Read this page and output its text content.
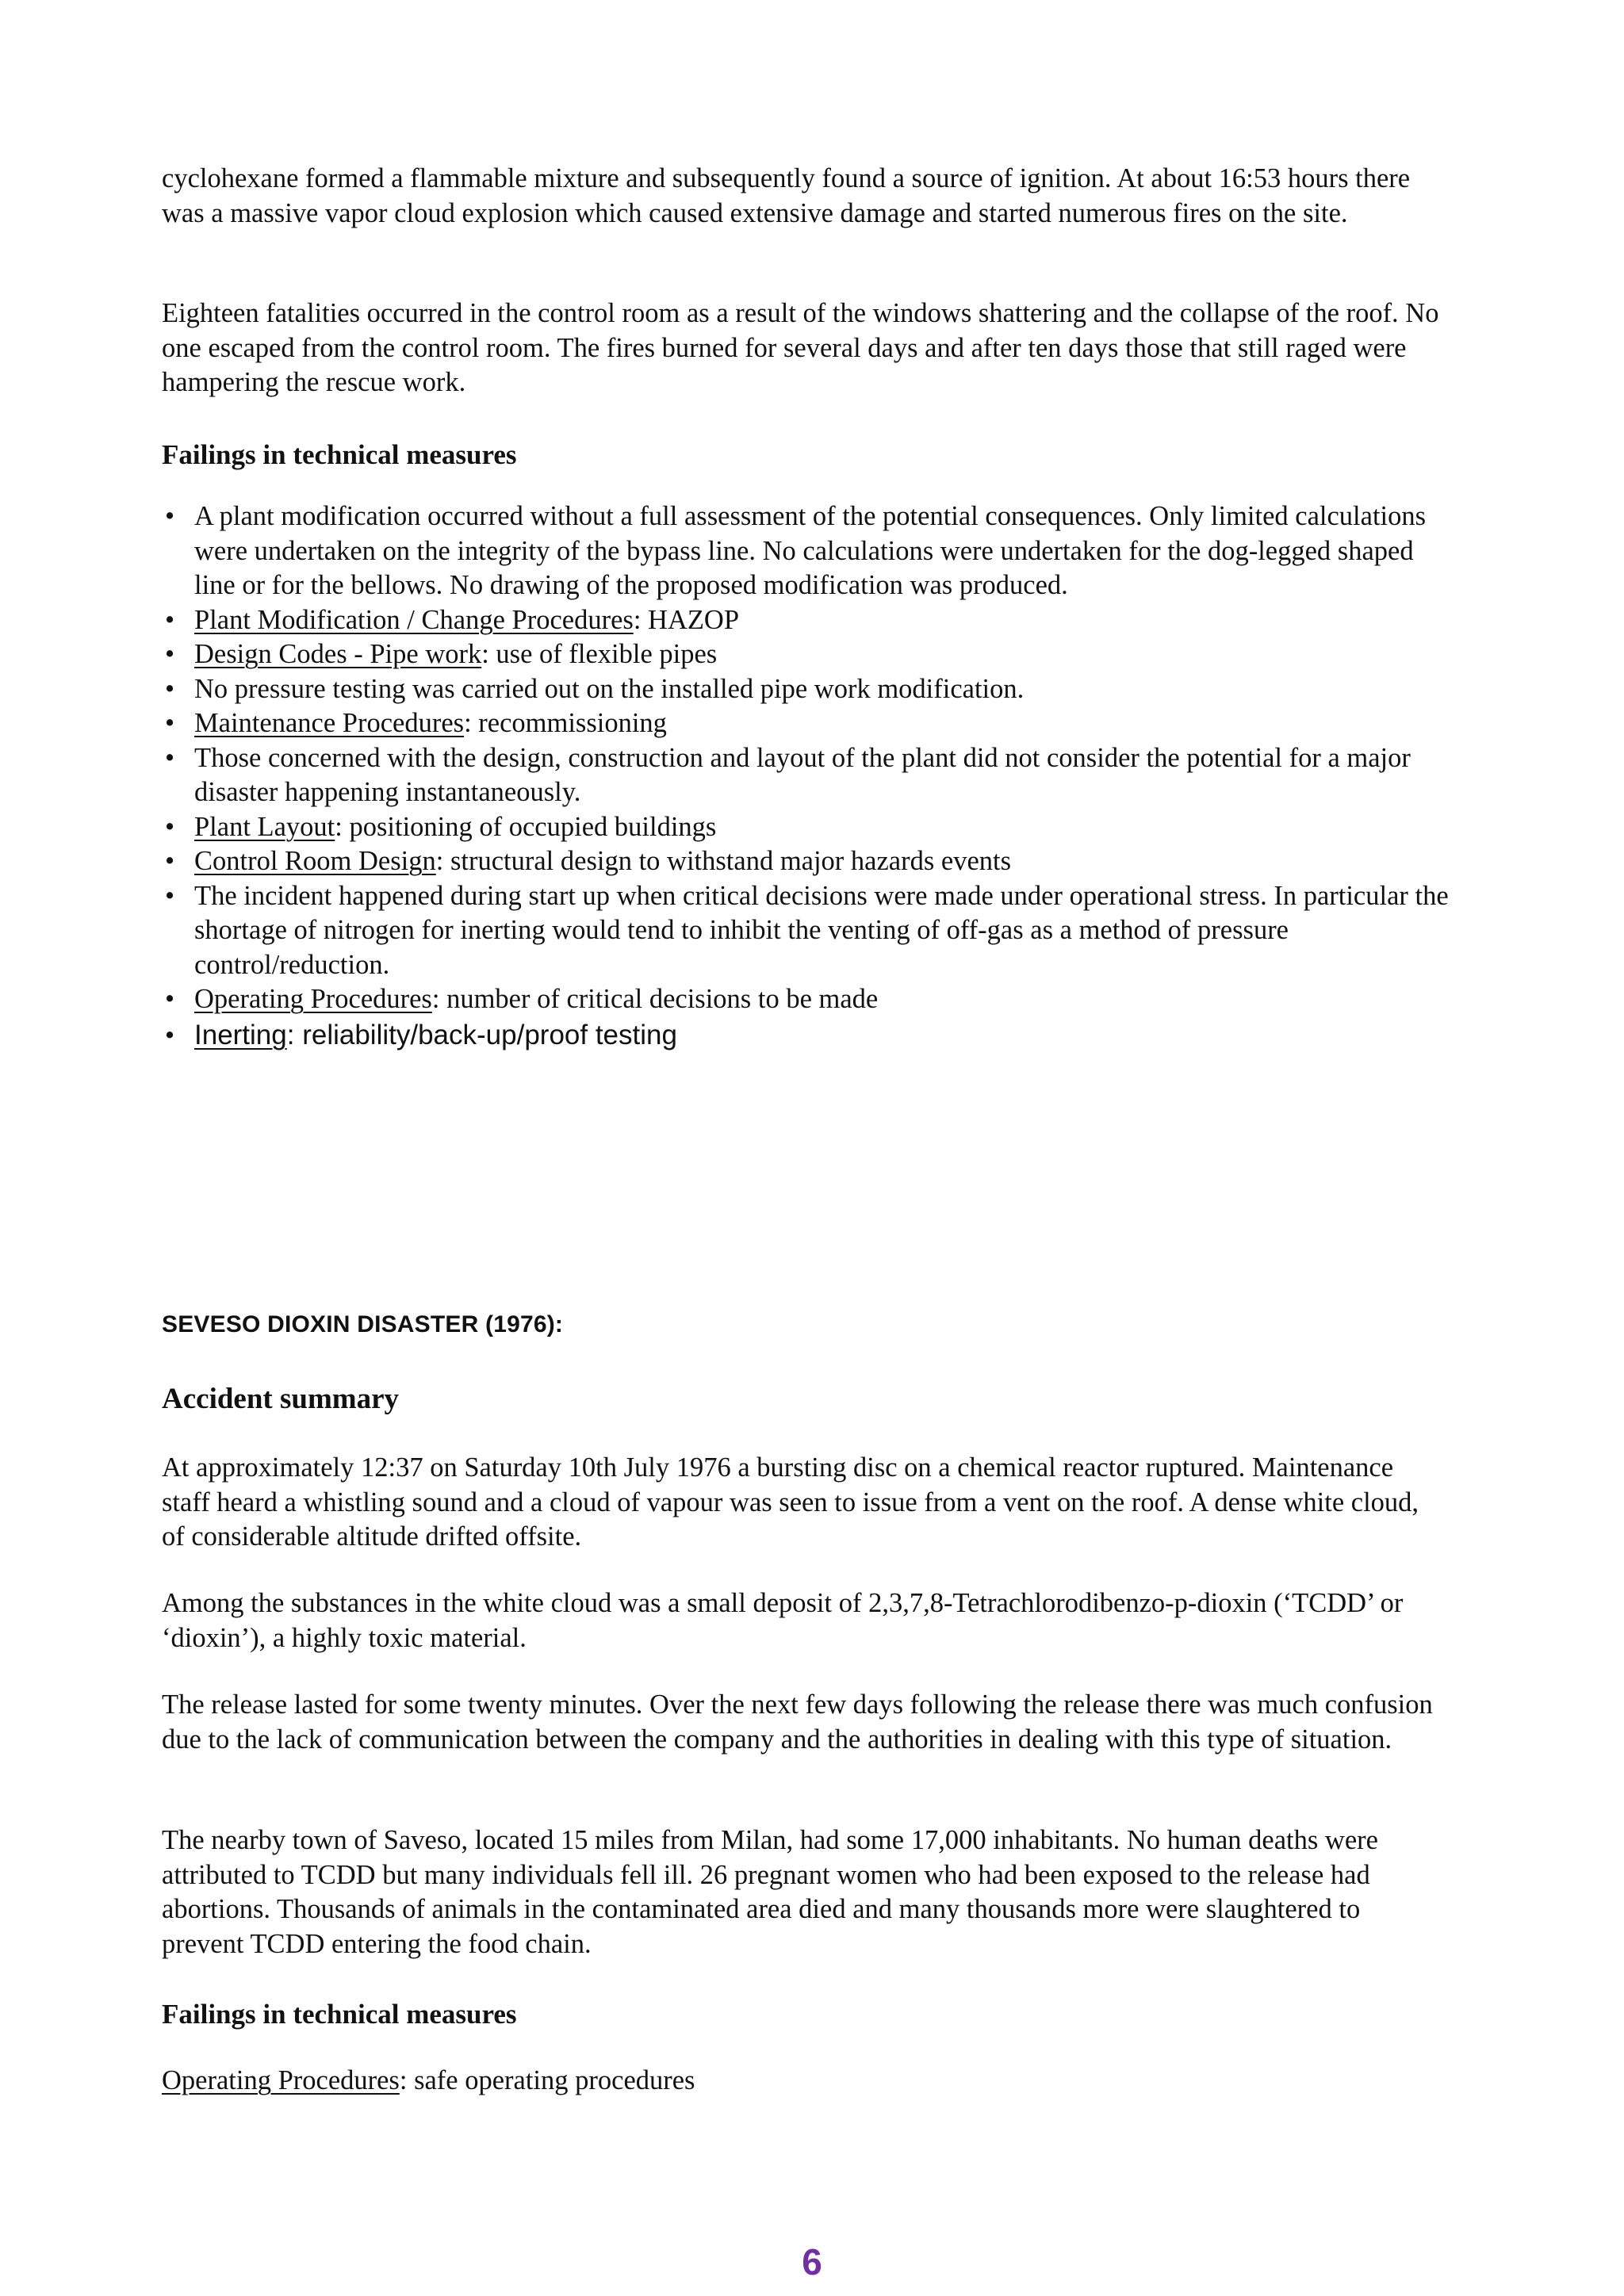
cyclohexane formed a flammable mixture and subsequently found a source of ignition. At about 16:53 hours there was a massive vapor cloud explosion which caused extensive damage and started numerous fires on the site.

Eighteen fatalities occurred in the control room as a result of the windows shattering and the collapse of the roof. No one escaped from the control room. The fires burned for several days and after ten days those that still raged were hampering the rescue work.

Failings in technical measures

• A plant modification occurred without a full assessment of the potential consequences. Only limited calculations were undertaken on the integrity of the bypass line. No calculations were undertaken for the dog-legged shaped line or for the bellows. No drawing of the proposed modification was produced.
• Plant Modification / Change Procedures: HAZOP
• Design Codes - Pipe work: use of flexible pipes
• No pressure testing was carried out on the installed pipe work modification.
• Maintenance Procedures: recommissioning
• Those concerned with the design, construction and layout of the plant did not consider the potential for a major disaster happening instantaneously.
• Plant Layout: positioning of occupied buildings
• Control Room Design: structural design to withstand major hazards events
• The incident happened during start up when critical decisions were made under operational stress. In particular the shortage of nitrogen for inerting would tend to inhibit the venting of off-gas as a method of pressure control/reduction.
• Operating Procedures: number of critical decisions to be made
• Inerting: reliability/back-up/proof testing

SEVESO DIOXIN DISASTER (1976):

Accident summary

At approximately 12:37 on Saturday 10th July 1976 a bursting disc on a chemical reactor ruptured. Maintenance staff heard a whistling sound and a cloud of vapour was seen to issue from a vent on the roof. A dense white cloud, of considerable altitude drifted offsite.

Among the substances in the white cloud was a small deposit of 2,3,7,8-Tetrachlorodibenzo-p-dioxin (‘TCDD’ or ‘dioxin’), a highly toxic material.

The release lasted for some twenty minutes. Over the next few days following the release there was much confusion due to the lack of communication between the company and the authorities in dealing with this type of situation.

The nearby town of Saveso, located 15 miles from Milan, had some 17,000 inhabitants. No human deaths were attributed to TCDD but many individuals fell ill. 26 pregnant women who had been exposed to the release had abortions. Thousands of animals in the contaminated area died and many thousands more were slaughtered to prevent TCDD entering the food chain.

Failings in technical measures

Operating Procedures: safe operating procedures

6
